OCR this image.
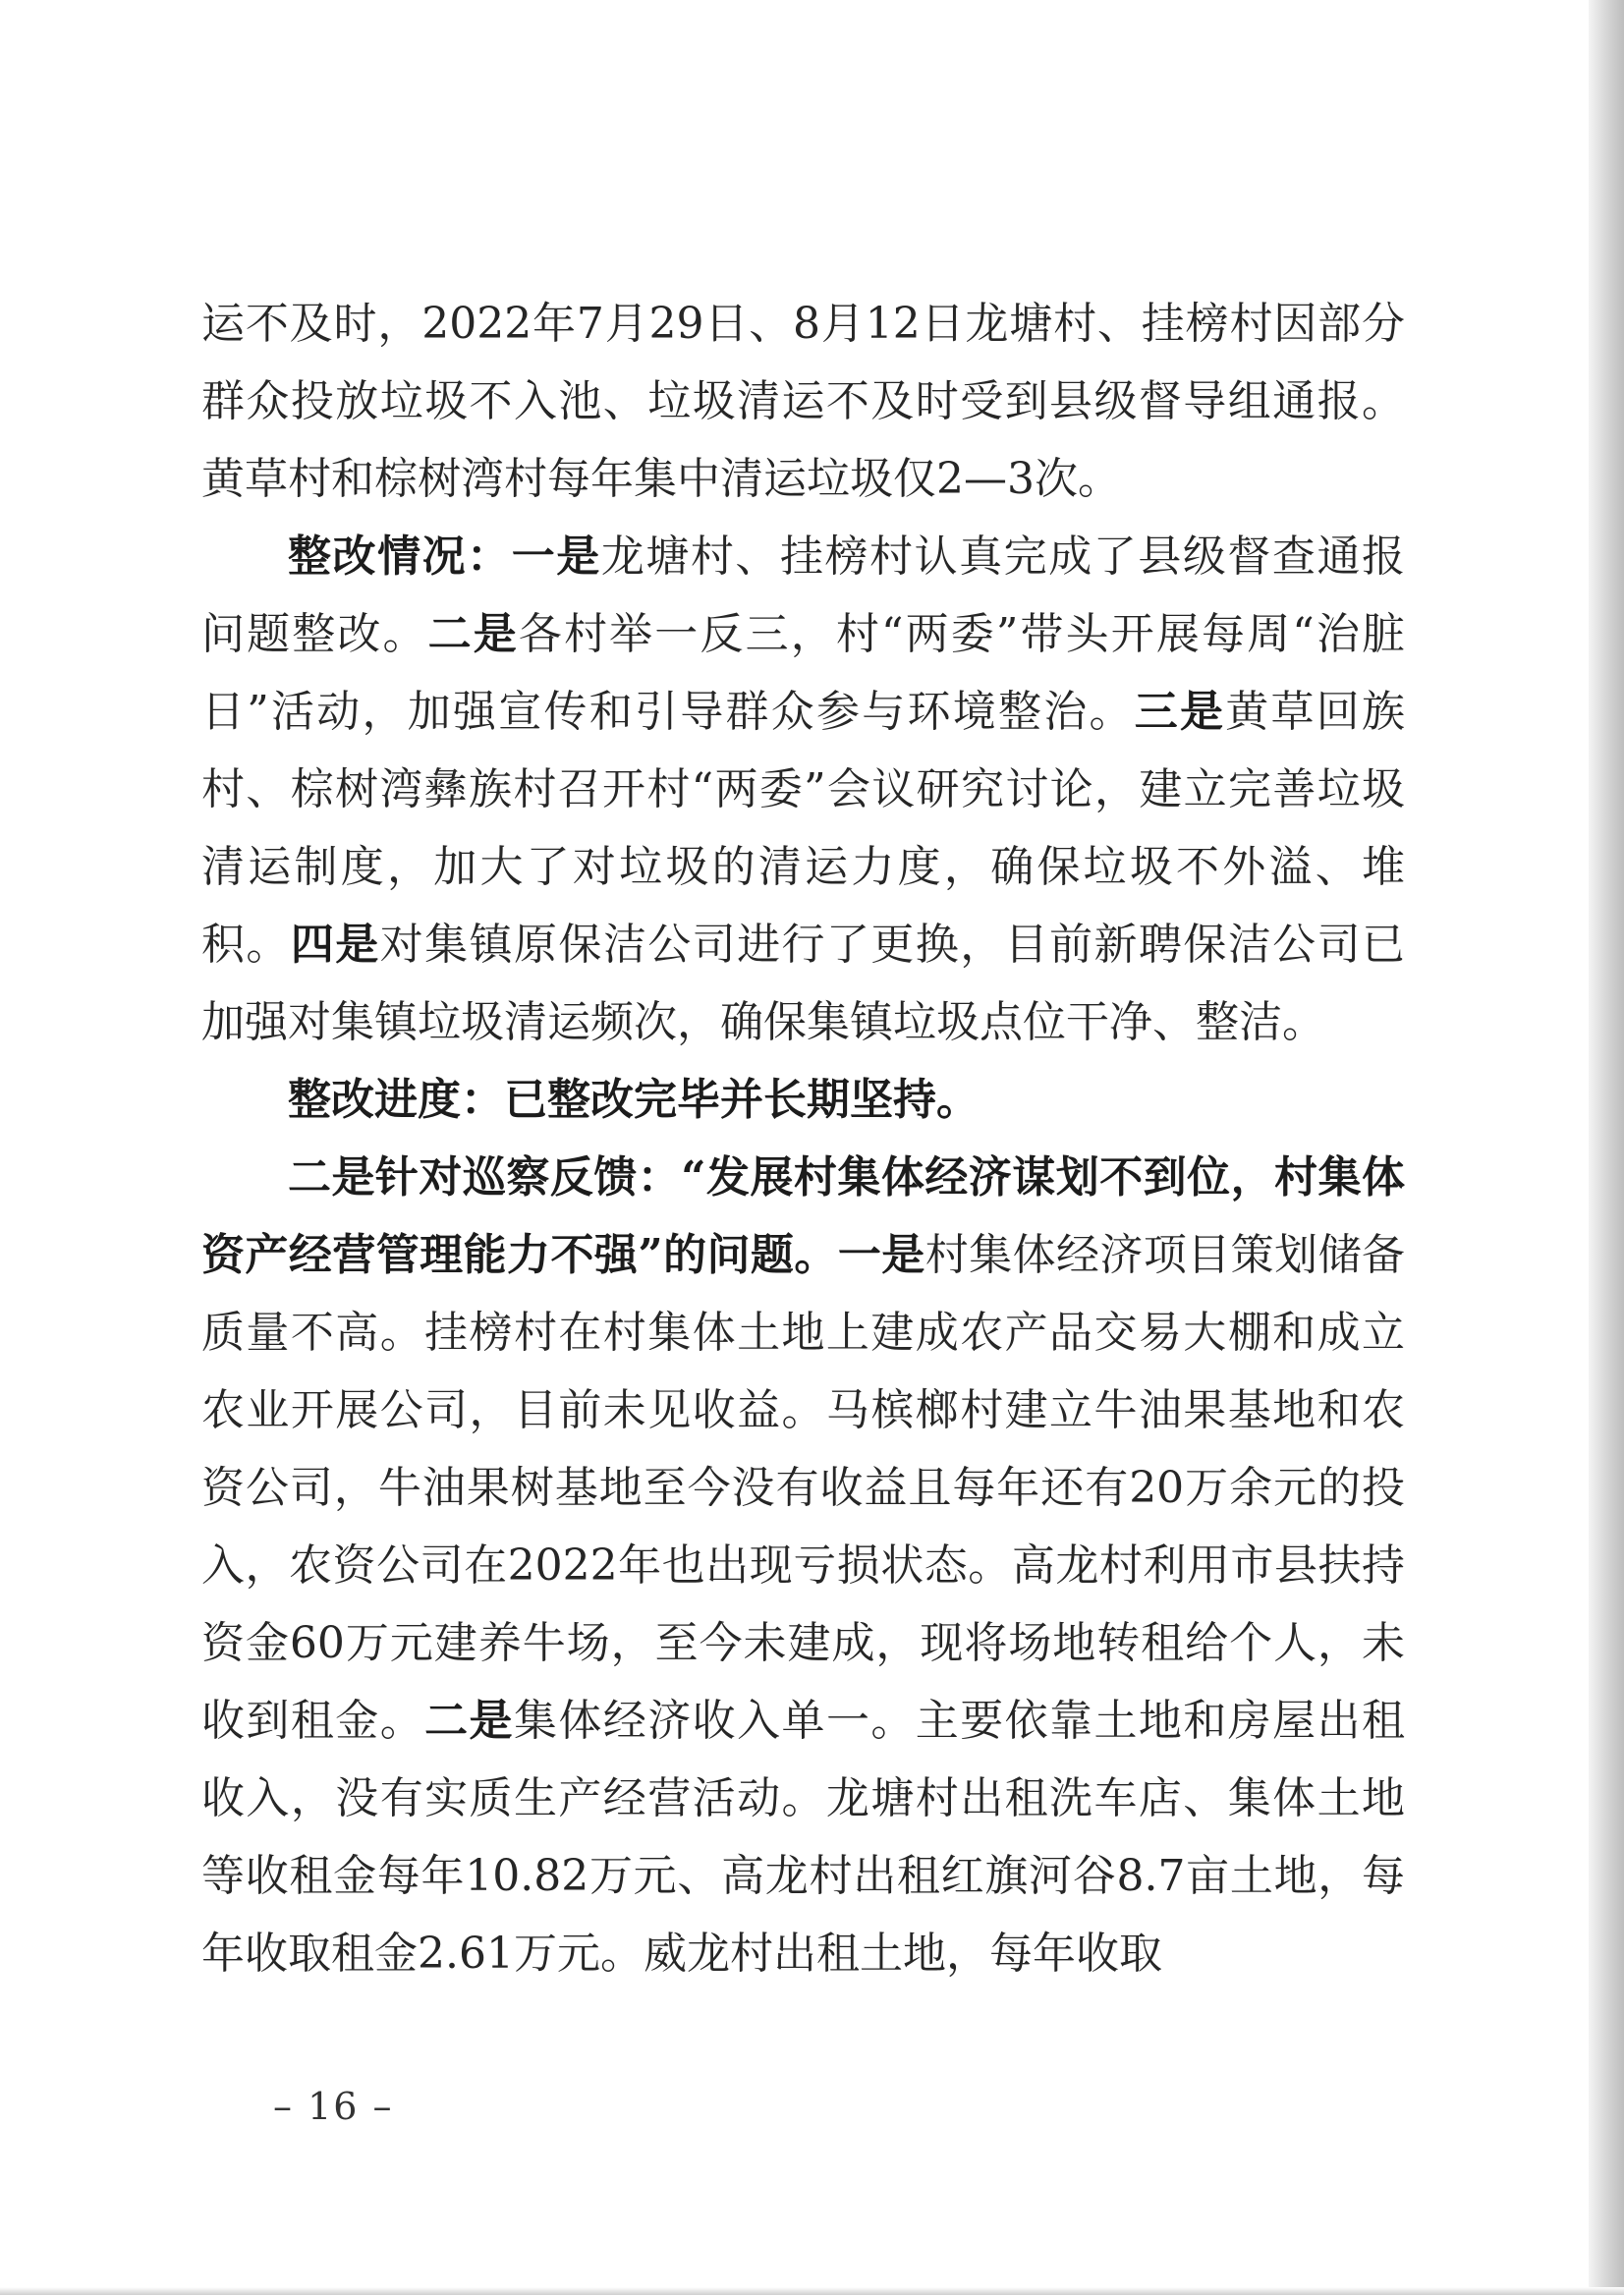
运不及时，2022年7月29日、8月12日龙塘村、挂榜村因部分群众投放垃圾不入池、垃圾清运不及时受到县级督导组通报。黄草村和棕树湾村每年集中清运垃圾仅2—3次。

整改情况：一是龙塘村、挂榜村认真完成了县级督查通报问题整改。二是各村举一反三，村“两委”带头开展每周“治脏日”活动，加强宣传和引导群众参与环境整治。三是黄草回族村、棕树湾彝族村召开村“两委”会议研究讨论，建立完善垃圾清运制度，加大了对垃圾的清运力度，确保垃圾不外溢、堆积。四是对集镇原保洁公司进行了更换，目前新聘保洁公司已加强对集镇垃圾清运频次，确保集镇垃圾点位干净、整洁。

整改进度：已整改完毕并长期坚持。

二是针对巡察反馈：“发展村集体经济谋划不到位，村集体资产经营管理能力不强”的问题。一是村集体经济项目策划储备质量不高。挂榜村在村集体土地上建成农产品交易大棚和成立农业开展公司，目前未见收益。马槟榔村建立牛油果基地和农资公司，牛油果树基地至今没有收益且每年还有20万余元的投入，农资公司在2022年也出现亏损状态。高龙村利用市县扶持资金60万元建养牛场，至今未建成，现将场地转租给个人，未收到租金。二是集体经济收入单一。主要依靠土地和房屋出租收入，没有实质生产经营活动。龙塘村出租洗车店、集体土地等收租金每年10.82万元、高龙村出租红旗河谷8.7亩土地，每年收取租金2.61万元。威龙村出租土地，每年收取

– 16 –
